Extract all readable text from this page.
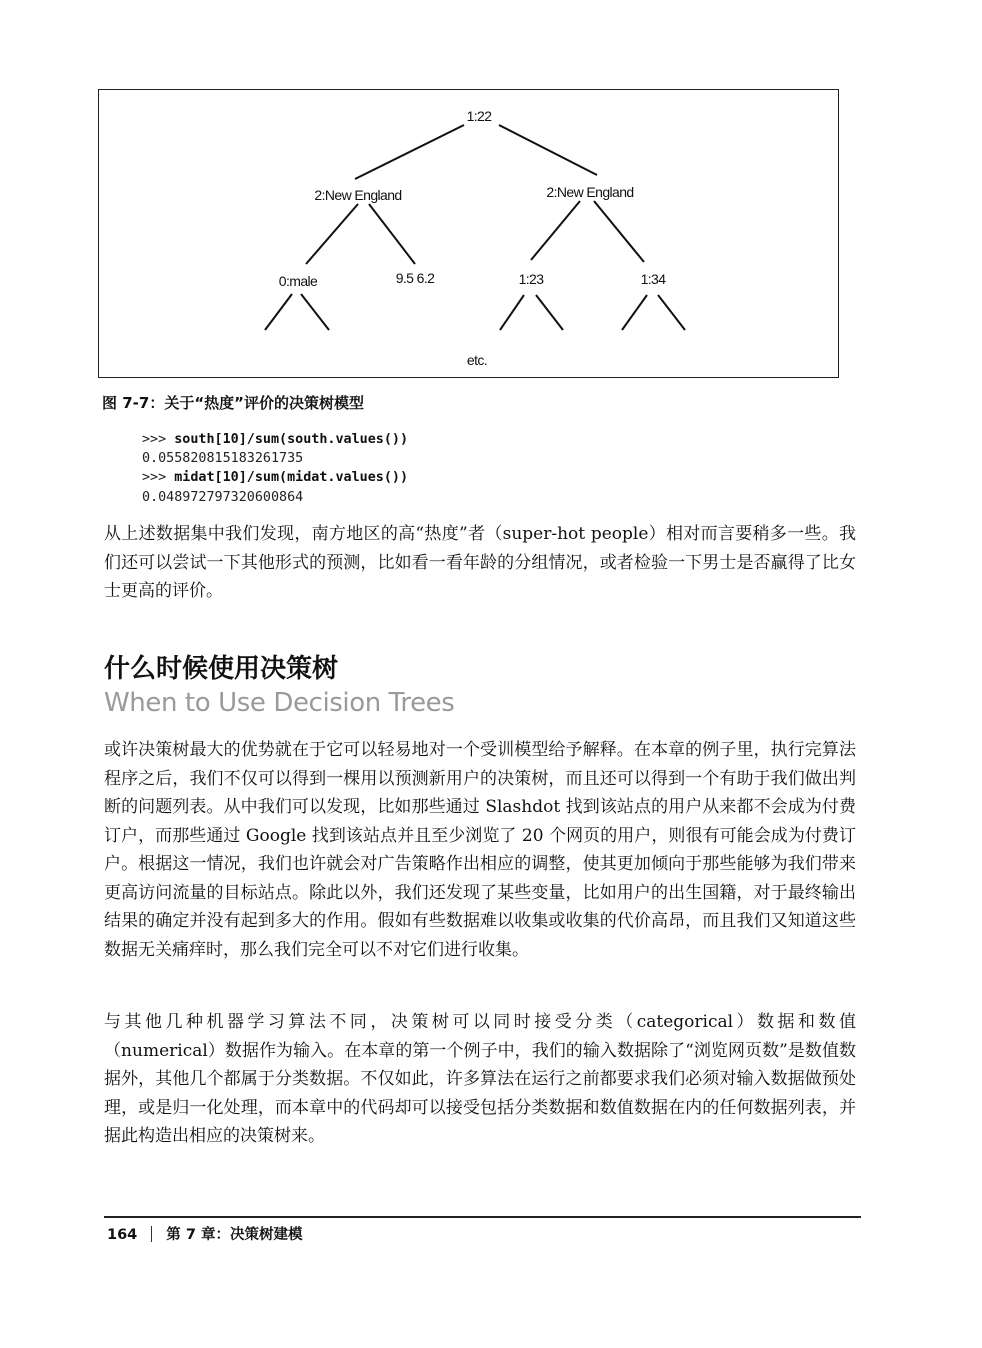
1:22
2:New England	2:New England
0:male	9.5 6.2	1:23	1:34
etc.
图 7-7：关于“热度”评价的决策树模型
>>> south[10]/sum(south.values())
0.055820815183261735
>>> midat[10]/sum(midat.values())
0.048972797320600864
从上述数据集中我们发现，南方地区的高“热度”者（super-hot people）相对而言要稍多一些。我们还可以尝试一下其他形式的预测，比如看一看年龄的分组情况，或者检验一下男士是否赢得了比女士更高的评价。
什么时候使用决策树
When to Use Decision Trees
或许决策树最大的优势就在于它可以轻易地对一个受训模型给予解释。在本章的例子里，执行完算法程序之后，我们不仅可以得到一棵用以预测新用户的决策树，而且还可以得到一个有助于我们做出判断的问题列表。从中我们可以发现，比如那些通过 Slashdot 找到该站点的用户从来都不会成为付费订户，而那些通过 Google 找到该站点并且至少浏览了 20 个网页的用户，则很有可能会成为付费订户。根据这一情况，我们也许就会对广告策略作出相应的调整，使其更加倾向于那些能够为我们带来更高访问流量的目标站点。除此以外，我们还发现了某些变量，比如用户的出生国籍，对于最终输出结果的确定并没有起到多大的作用。假如有些数据难以收集或收集的代价高昂，而且我们又知道这些数据无关痛痒时，那么我们完全可以不对它们进行收集。
与其他几种机器学习算法不同，决策树可以同时接受分类（categorical）数据和数值（numerical）数据作为输入。在本章的第一个例子中，我们的输入数据除了“浏览网页数”是数值数据外，其他几个都属于分类数据。不仅如此，许多算法在运行之前都要求我们必须对输入数据做预处理，或是归一化处理，而本章中的代码却可以接受包括分类数据和数值数据在内的任何数据列表，并据此构造出相应的决策树来。
164 第 7 章：决策树建模
